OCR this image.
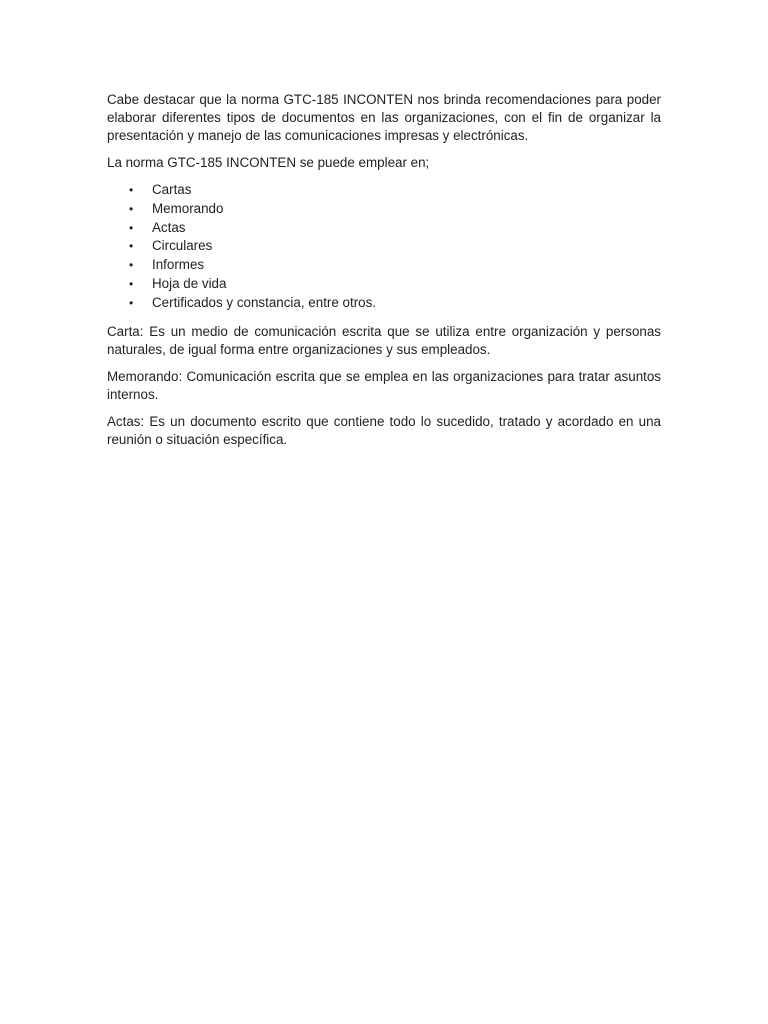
Cabe destacar que la norma GTC-185 INCONTEN nos brinda recomendaciones para poder elaborar diferentes tipos de documentos en las organizaciones, con el fin de organizar la presentación y manejo de las comunicaciones impresas y electrónicas.

La norma GTC-185 INCONTEN se puede emplear en;

• Cartas
• Memorando
• Actas
• Circulares
• Informes
• Hoja de vida
• Certificados y constancia, entre otros.

Carta: Es un medio de comunicación escrita que se utiliza entre organización y personas naturales, de igual forma entre organizaciones y sus empleados.

Memorando: Comunicación escrita que se emplea en las organizaciones para tratar asuntos internos.

Actas: Es un documento escrito que contiene todo lo sucedido, tratado y acordado en una reunión o situación específica.
